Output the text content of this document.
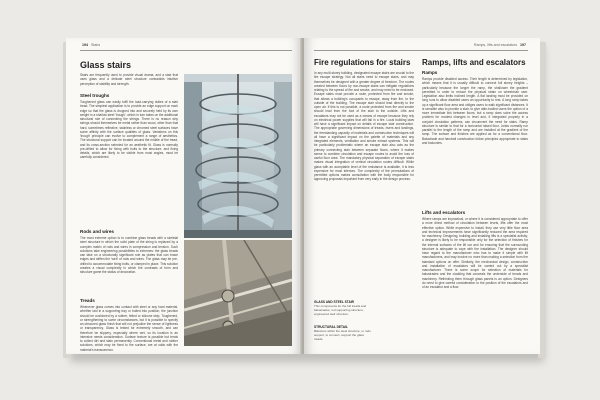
194 Stairs
Glass stairs
Stairs are frequently used to provide visual drama, and a stair that uses glass and a delicate steel structure contradicts intuitive perception of stability and strength.
Steel troughs
Toughened glass can easily fulfil the load-carrying duties of a stair tread. The simplest application is to provide an edge support on each edge so that the glass is dropped into and securely held by its own weight in a shallow steel 'trough', which in turn takes on the additional structural role of connecting the strings. There is no reason why strings should themselves be metal rather than wood, other than that hard, sometimes reflective, stainless or chromed steel surfaces have some affinity with the surface qualities of glass. Variations on this 'trough' principle can evolve to complement a range of aesthetics. The structural support can be located around the middle of the tread, and its cross-section selected for an aesthetic fit. Glass is normally pre-drilled to allow for fixing with bolts to the structure, and fixing details, which are likely to be visible from most angles, must be carefully considered.
Rods and wires
The most extreme option is to combine glass treads with a skeletal steel structure in which the solid plate of the string is replaced by a complex matrix of rods and wires in compression and tension. Such solutions take engineering possibilities to extremes: the glass treads can take on a structurally significant role as plates that can brace edges and stiffen the 'web' of rods and wires. The glass may be pre-drilled to accommodate fixing bolts, or clamped in place. This solution creates a visual complexity in which the contrasts of form and structure game the status of decoration.
Treads
Whenever glass comes into contact with steel or any hard material, whether laid in a supporting tray or bolted into position, the junction should be cushioned by a rubber, felted or silicone strip. Toughened, or strengthening to some circumstances, but it is possible to specify an obscured glass finish that will not prejudice the sense of lightness or transparency. Glass is tested for extremely smooth, and can therefore be slippery, especially where wet, so its location is an intensive needs consideration. Surface texture is possible but tends to collect dirt and stain permanently. Conventional metal and rubber solutions, which may be fixed to the surface, are at odds with the material's transparency.
Ramps, lifts and escalators 197
Fire regulations for stairs
In any multi-storey building, designated escape stairs are crucial to the fire escape strategy. Not all stairs need to escape stairs, and may themselves be designed with a greater degree of freedom. The routes created between floors by non-escape stairs can mitigate regulations relating to the spread of fire and smoke, and may need to be enclosed. Escape stairs must provide a route, protected from fire and smoke, that allows a building's occupants to escape, away from fire, to the outside of the building. The escape stair should lead directly to the open air. If this is not possible, a route protected from fire and smoke should lead from the foot of the stair to the outside. Lifts and escalators may not be used as a means of escape because they rely on electrical power supplies that will fail in a fire. Local building laws will have a significant impact on details of escape stair construction. The appropriate governing dimensions of treads, risers and landings, the freestanding capacity of materials and construction techniques will all have a significant impact on the palette of materials and any integrated elements, ventilation and smoke extract systems. This will be particularly problematic where an escape stair also acts as the primary connecting stair between separate floors, where it makes sense to combine circulation and escape routes to avoid the loss of useful floor area. The mandatory physical separation of escape stairs makes visual integration of vertical circulation routes difficult. While glass with an acceptable level of fire resistance is available, it is less expensive for most interiors. The complexity of the permutations of permitted options makes consultation with the body responsible for approving proposals important from very early in the design process.
GLASS AND STEEL STAIR
Thin components for the full treads and balustrades; rod supporting structure, engineered stair structure.
STRUCTURAL DETAIL
Balusters within the steel structure, or rods support, to connect, support the glass treads.
Ramps, lifts and escalators
Ramps
Ramps provide disabled access. Their length is determined by legislation, which means that it is usually difficult to connect full storey heights – particularly because the longer the ramp, the shallower the gradient permitted in order to reduce the physical strain on wheelchair user. Legislation also limits inclined length. A flat landing must be provided on long runs to allow disabled users an opportunity to rest. A long ramp takes up a significant floor area and obliges users to walk significant distances. It is sensible also to provide a stair, to give able-bodied users the option of a more immediate link between floors, but a ramp does solve the access problem for modest changes in level and, if integrated properly in a conjoint circulation patterns, can circumvent the need for stairs. Ramp structure is similar to that for a horizontal raised floor. Joists normally run parallel to the length of the ramp and are installed at the gradient of the ramp. The surface and finishes are applied as for a conventional floor. Balustrade and handrail construction follow principles appropriate to stairs and balconies.
Lifts and escalators
Where ramps are impractical, or where it is considered appropriate to offer a more direct method of circulation between levels, lifts offer the most effective option. While expensive to install, they use very little floor area and technical improvements have significantly reduced the area required for machinery. Designing, building and installing lifts is a specialist activity; a designer is likely to be responsible only for the selection of finishes for the internal surfaces of the lift car and for ensuring that the surrounding structure is adequate to cope with the installation. The designer should have regard to the manufacturer who has to make it simple with lift manufacturers, and may involve no more than making a selection from the standard options on offer. Similarly, the mechanical design, construction and installation of escalators will be carried out by a specialist manufacturer. There is some scope for selection of materials for balustrades and the cladding that conceals the underside of treads and machinery. Rethinking them through glass panels is an option. Designers do need to give careful consideration to the position of the escalators and of an escalator and a flow.
